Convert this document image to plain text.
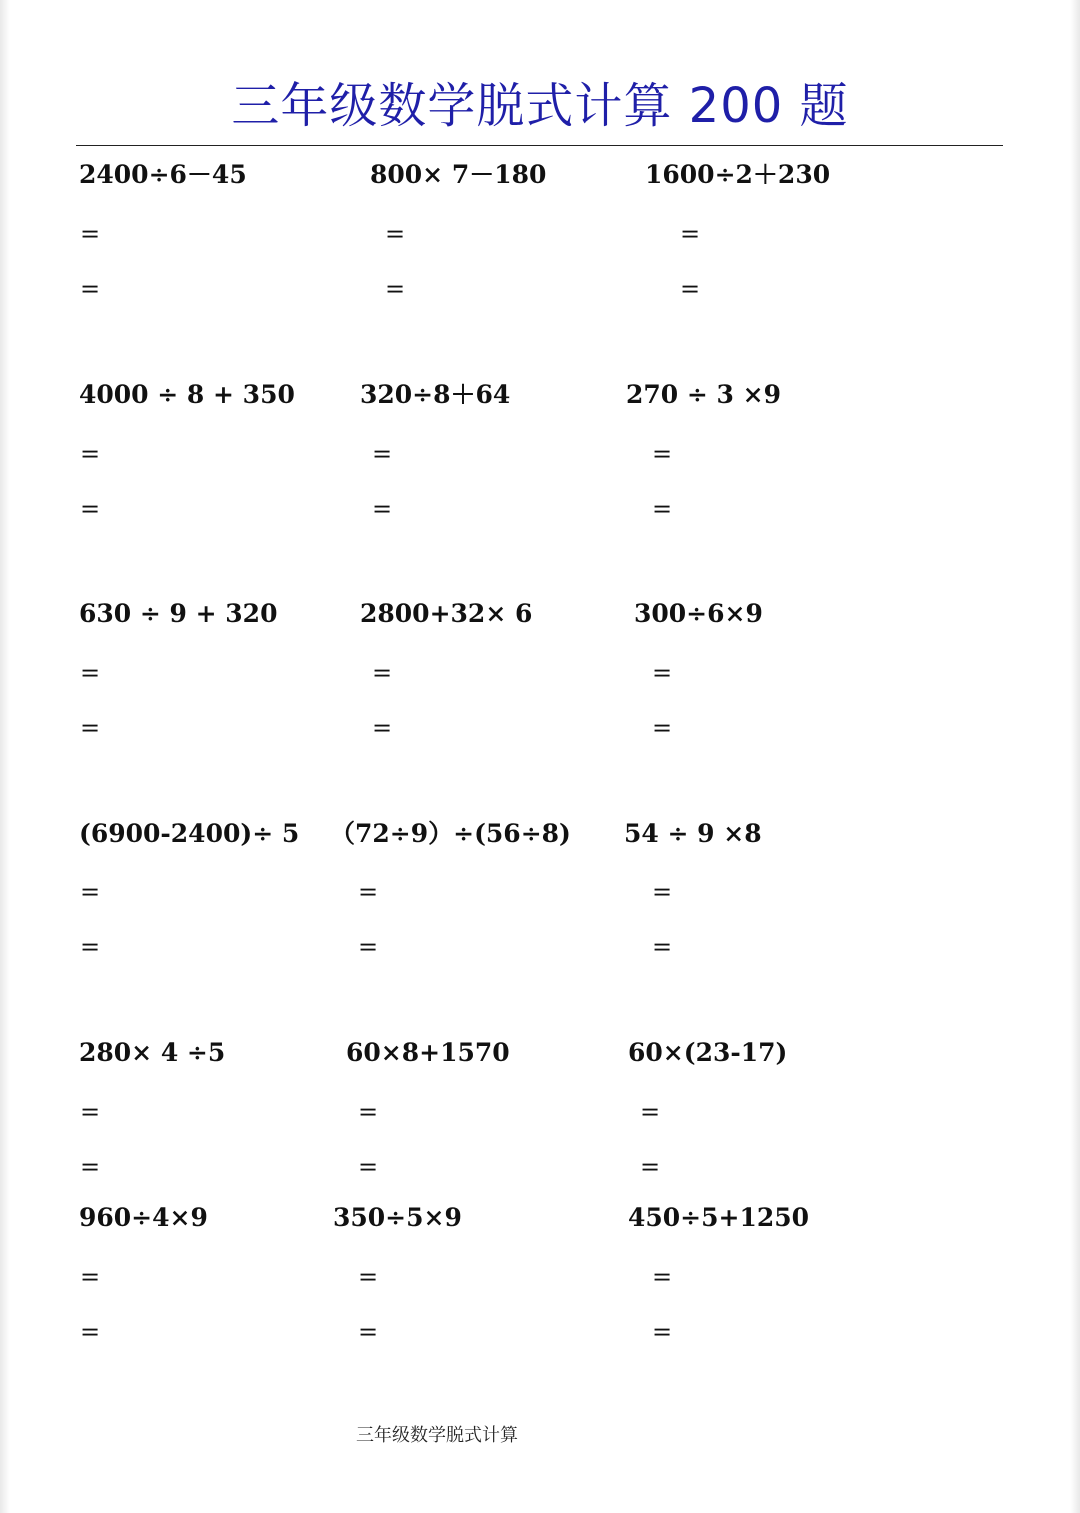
三年级数学脱式计算 200 题
2400÷6－45
=
=
800× 7－180
=
=
1600÷2＋230
=
=
4000 ÷ 8 + 350
=
=
320÷8＋64
=
=
270 ÷ 3 ×9
=
=
630 ÷ 9 + 320
=
=
2800+32× 6
=
=
300÷6×9
=
=
(6900-2400)÷ 5
=
=
（72÷9）÷(56÷8)
=
=
54 ÷ 9 ×8
=
=
280× 4 ÷5
=
=
60×8+1570
=
=
60×(23-17)
=
=
960÷4×9
=
=
350÷5×9
=
=
450÷5+1250
=
=
三年级数学脱式计算
